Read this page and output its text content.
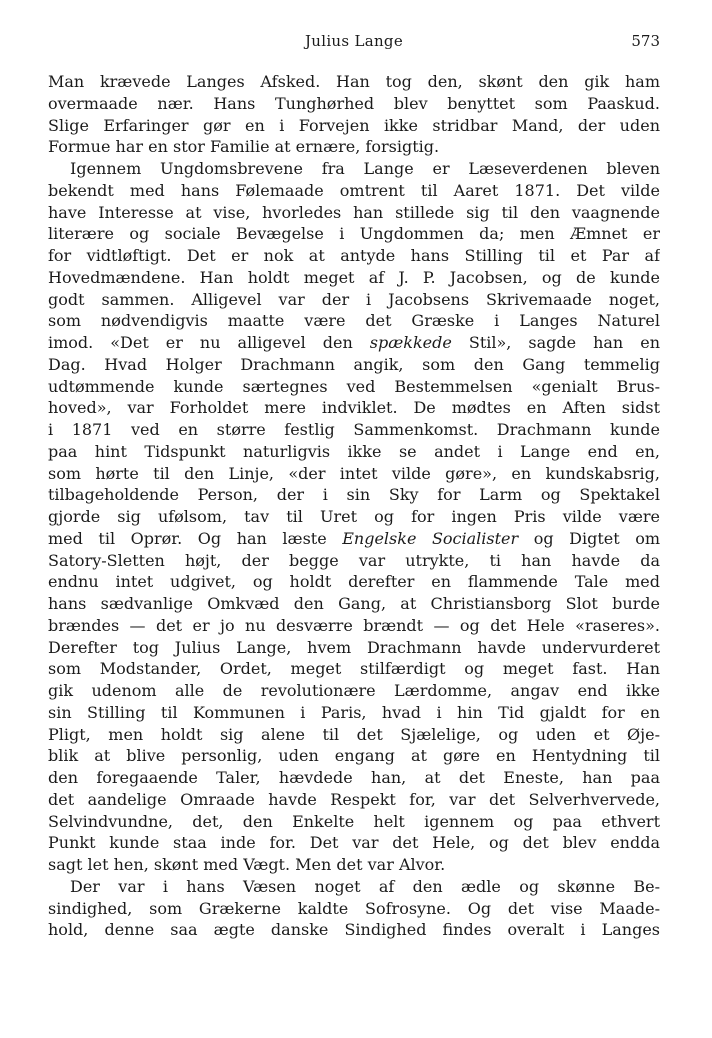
Julius Lange	573
Man krævede Langes Afsked. Han tog den, skønt den gik ham
overmaade nær. Hans Tunghørhed blev benyttet som Paaskud.
Slige Erfaringer gør en i Forvejen ikke stridbar Mand, der uden
Formue har en stor Familie at ernære, forsigtig.
Igennem Ungdomsbrevene fra Lange er Læseverdenen bleven
bekendt med hans Følemaade omtrent til Aaret 1871. Det vilde
have Interesse at vise, hvorledes han stillede sig til den vaagnende
literære og sociale Bevægelse i Ungdommen da; men Æmnet er
for vidtløftigt. Det er nok at antyde hans Stilling til et Par af
Hovedmændene. Han holdt meget af J. P. Jacobsen, og de kunde
godt sammen. Alligevel var der i Jacobsens Skrivemaade noget,
som nødvendigvis maatte være det Græske i Langes Naturel
imod. «Det er nu alligevel den spækkede Stil», sagde han en
Dag. Hvad Holger Drachmann angik, som den Gang temmelig
udtømmende kunde særtegnes ved Bestemmelsen «genialt Brus-
hoved», var Forholdet mere indviklet. De mødtes en Aften sidst
i 1871 ved en større festlig Sammenkomst. Drachmann kunde
paa hint Tidspunkt naturligvis ikke se andet i Lange end en,
som hørte til den Linje, «der intet vilde gøre», en kundskabsrig,
tilbageholdende Person, der i sin Sky for Larm og Spektakel
gjorde sig ufølsom, tav til Uret og for ingen Pris vilde være
med til Oprør. Og han læste Engelske Socialister og Digtet om
Satory-Sletten højt, der begge var utrykte, ti han havde da
endnu intet udgivet, og holdt derefter en flammende Tale med
hans sædvanlige Omkvæd den Gang, at Christiansborg Slot burde
brændes — det er jo nu desværre brændt — og det Hele «raseres».
Derefter tog Julius Lange, hvem Drachmann havde undervurderet
som Modstander, Ordet, meget stilfærdigt og meget fast. Han
gik udenom alle de revolutionære Lærdomme, angav end ikke
sin Stilling til Kommunen i Paris, hvad i hin Tid gjaldt for en
Pligt, men holdt sig alene til det Sjælelige, og uden et Øje-
blik at blive personlig, uden engang at gøre en Hentydning til
den foregaaende Taler, hævdede han, at det Eneste, han paa
det aandelige Omraade havde Respekt for, var det Selverhvervede,
Selvindvundne, det, den Enkelte helt igennem og paa ethvert
Punkt kunde staa inde for. Det var det Hele, og det blev endda
sagt let hen, skønt med Vægt. Men det var Alvor.
Der var i hans Væsen noget af den ædle og skønne Be-
sindighed, som Grækerne kaldte Sofrosyne. Og det vise Maade-
hold, denne saa ægte danske Sindighed findes overalt i Langes
